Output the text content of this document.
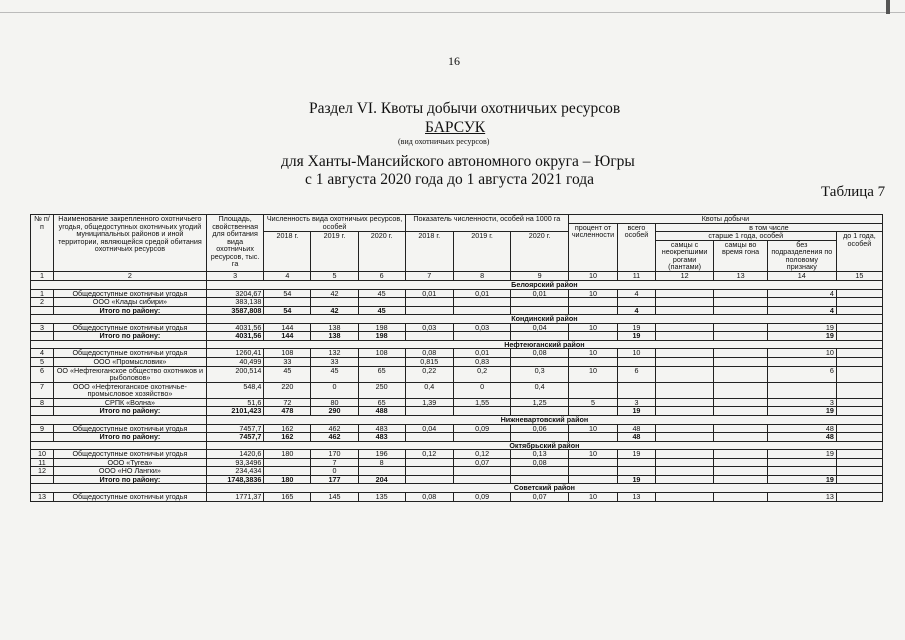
16
Раздел VI. Квоты добычи охотничьих ресурсов
БАРСУК
(вид охотничьих ресурсов)
для Ханты-Мансийского автономного округа – Югры
с 1 августа 2020 года до 1 августа 2021 года
Таблица 7
№ п/п	Наименование закрепленного охотничьего угодья, общедоступных охотничьих угодий муниципальных районов и иной территории, являющейся средой обитания охотничьих ресурсов	Площадь, свойственная для обитания вида охотничьих ресурсов, тыс. га	Численность вида охотничьих ресурсов, особей			Показатель численности, особей на 1000 га			Квоты добычи					
									процент от численности	всего особей	в том числе			
			2018 г.	2019 г.	2020 г.	2018 г.	2019 г.	2020 г.			старше 1 года, особей			до 1 года, особей
											самцы с неокрепшими рогами (пантами)	самцы во время гона	без подразделения по половому признаку	
1	2	3	4	5	6	7	8	9	10	11	12	13	14	15
		Белоярский район												
1	Общедоступные охотничьи угодья	3204,67	54	42	45	0,01	0,01	0,01	10	4			4	
2	ООО «Клады сибири»	383,138												
	Итого по району:	3587,808	54	42	45					4			4	
		Кондинский район												
3	Общедоступные охотничьи угодья	4031,56	144	138	198	0,03	0,03	0,04	10	19			19	
	Итого по району:	4031,56	144	138	198					19			19	
		Нефтеюганский район												
4	Общедоступные охотничьи угодья	1260,41	108	132	108	0,08	0,01	0,08	10	10			10	
5	ООО «Промысловик»	40,499	33	33		0,815	0,83							
6	ОО «Нефтеюганское общество охотников и рыболовов»	200,514	45	45	65	0,22	0,2	0,3	10	6			6	
7	ООО «Нефтеюганское охотничье-промысловое хозяйство»	548,4	220	0	250	0,4	0	0,4						
8	СРПК «Волна»	51,6	72	80	65	1,39	1,55	1,25	5	3			3	
	Итого по району:	2101,423	478	290	488					19			19	
		Нижневартовский район												
9	Общедоступные охотничьи угодья	7457,7	162	462	483	0,04	0,09	0,06	10	48			48	
	Итого по району:	7457,7	162	462	483					48			48	
		Октябрьский район												
10	Общедоступные охотничьи угодья	1420,6	180	170	196	0,12	0,12	0,13	10	19			19	
11	ООО «Тугеа»	93,3496		7	8		0,07	0,08						
12	ООО «НО Лангки»	234,434		0										
	Итого по району:	1748,3836	180	177	204					19			19	
		Советский район												
13	Общедоступные охотничьи угодья	1771,37	165	145	135	0,08	0,09	0,07	10	13			13	
